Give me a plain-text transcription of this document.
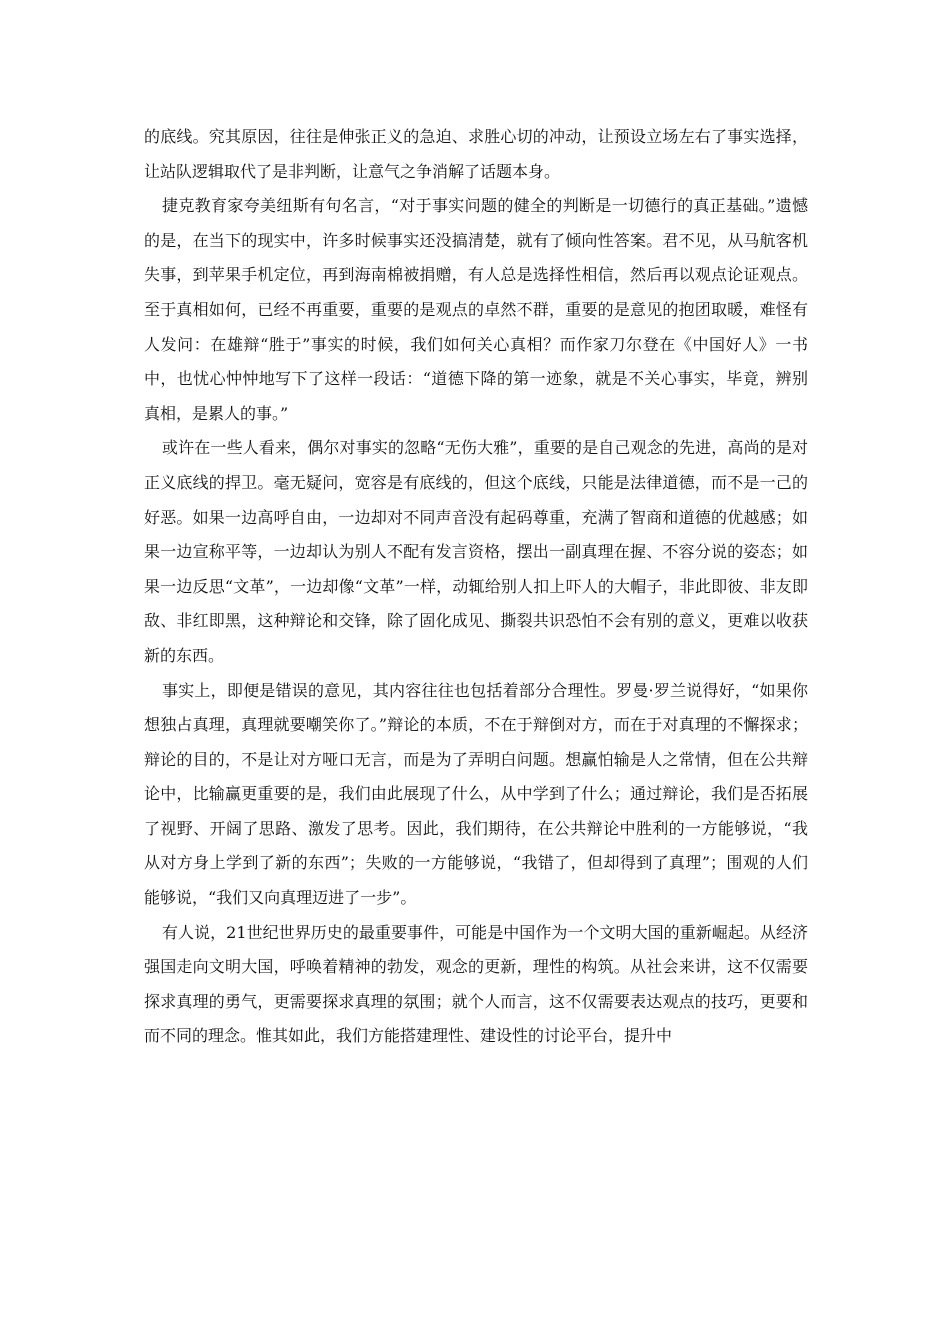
的底线。究其原因，往往是伸张正义的急迫、求胜心切的冲动，让预设立场左右了事实选择，让站队逻辑取代了是非判断，让意气之争消解了话题本身。

捷克教育家夸美纽斯有句名言，“对于事实问题的健全的判断是一切德行的真正基础。”遗憾的是，在当下的现实中，许多时候事实还没搞清楚，就有了倾向性答案。君不见，从马航客机失事，到苹果手机定位，再到海南棉被捐赠，有人总是选择性相信，然后再以观点论证观点。至于真相如何，已经不再重要，重要的是观点的卓然不群，重要的是意见的抱团取暖，难怪有人发问：在雄辩“胜于”事实的时候，我们如何关心真相？而作家刀尔登在《中国好人》一书中，也忧心忡忡地写下了这样一段话：“道德下降的第一迹象，就是不关心事实，毕竟，辨别真相，是累人的事。”

或许在一些人看来，偶尔对事实的忽略“无伤大雅”，重要的是自己观念的先进，高尚的是对正义底线的捍卫。毫无疑问，宽容是有底线的，但这个底线，只能是法律道德，而不是一己的好恶。如果一边高呼自由，一边却对不同声音没有起码尊重，充满了智商和道德的优越感；如果一边宣称平等，一边却认为别人不配有发言资格，摆出一副真理在握、不容分说的姿态；如果一边反思“文革”，一边却像“文革”一样，动辄给别人扣上吓人的大帽子，非此即彼、非友即敌、非红即黑，这种辩论和交锋，除了固化成见、撕裂共识恐怕不会有别的意义，更难以收获新的东西。

事实上，即便是错误的意见，其内容往往也包括着部分合理性。罗曼·罗兰说得好，“如果你想独占真理，真理就要嘲笑你了。”辩论的本质，不在于辩倒对方，而在于对真理的不懈探求；辩论的目的，不是让对方哑口无言，而是为了弄明白问题。想赢怕输是人之常情，但在公共辩论中，比输赢更重要的是，我们由此展现了什么，从中学到了什么；通过辩论，我们是否拓展了视野、开阔了思路、激发了思考。因此，我们期待，在公共辩论中胜利的一方能够说，“我从对方身上学到了新的东西”；失败的一方能够说，“我错了，但却得到了真理”；围观的人们能够说，“我们又向真理迈进了一步”。

有人说，21世纪世界历史的最重要事件，可能是中国作为一个文明大国的重新崛起。从经济强国走向文明大国，呼唤着精神的勃发，观念的更新，理性的构筑。从社会来讲，这不仅需要探求真理的勇气，更需要探求真理的氛围；就个人而言，这不仅需要表达观点的技巧，更要和而不同的理念。惟其如此，我们方能搭建理性、建设性的讨论平台，提升中
